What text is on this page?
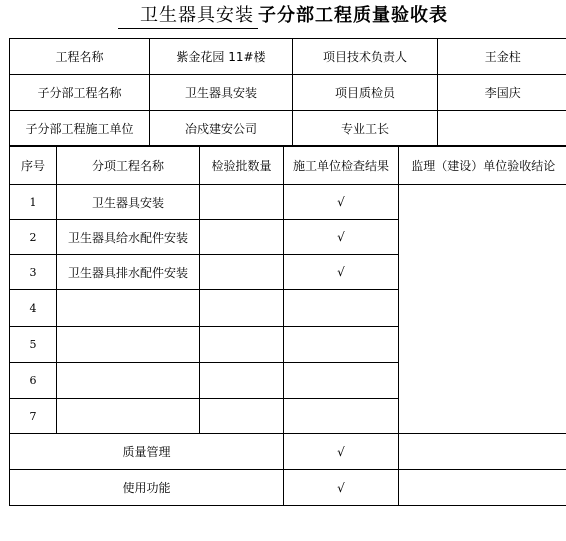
卫生器具安装 子分部工程质量验收表
工程名称	紫金花园 11#楼	项目技术负责人	王金柱
子分部工程名称	卫生器具安装	项目质检员	李国庆
子分部工程施工单位	冶戍建安公司	专业工长	
序号	分项工程名称	检验批数量	施工单位检查结果	监理（建设）单位验收结论
1	卫生器具安装		√	
2	卫生器具给水配件安装		√	
3	卫生器具排水配件安装		√	
4				
5				
6				
7				
质量管理			√	
使用功能			√	
